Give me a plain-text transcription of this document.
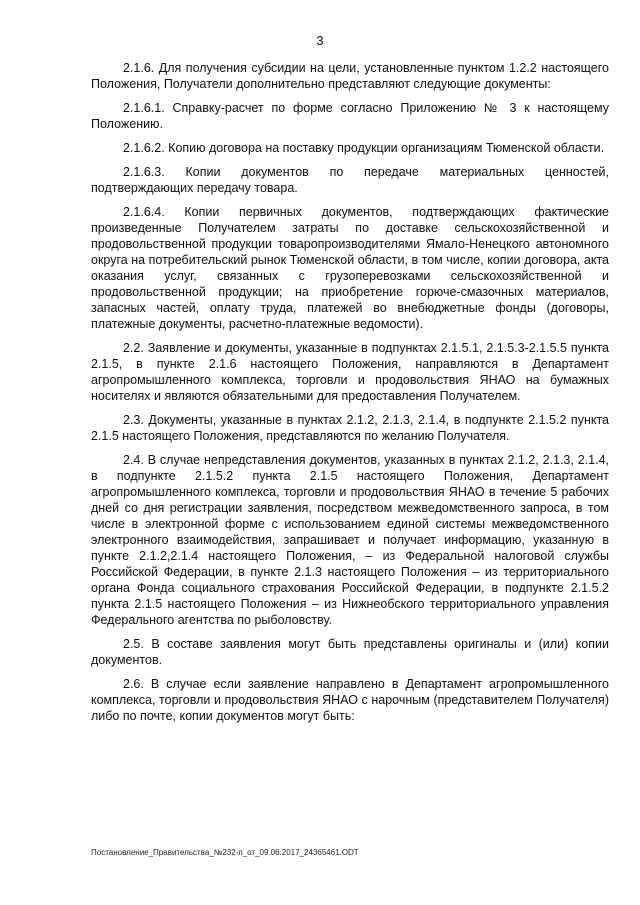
3

2.1.6. Для получения субсидии на цели, установленные пунктом 1.2.2 настоящего Положения, Получатели дополнительно представляют следующие документы:

2.1.6.1. Справку-расчет по форме согласно Приложению № 3 к настоящему Положению.

2.1.6.2. Копию договора на поставку продукции организациям Тюменской области.

2.1.6.3. Копии документов по передаче материальных ценностей, подтверждающих передачу товара.

2.1.6.4. Копии первичных документов, подтверждающих фактические произведенные Получателем затраты по доставке сельскохозяйственной и продовольственной продукции товаропроизводителями Ямало-Ненецкого автономного округа на потребительский рынок Тюменской области, в том числе, копии договора, акта оказания услуг, связанных с грузоперевозками сельскохозяйственной и продовольственной продукции; на приобретение горюче-смазочных материалов, запасных частей, оплату труда, платежей во внебюджетные фонды (договоры, платежные документы, расчетно-платежные ведомости).

2.2. Заявление и документы, указанные в подпунктах 2.1.5.1, 2.1.5.3-2.1.5.5 пункта 2.1.5, в пункте 2.1.6 настоящего Положения, направляются в Департамент агропромышленного комплекса, торговли и продовольствия ЯНАО на бумажных носителях и являются обязательными для предоставления Получателем.

2.3. Документы, указанные в пунктах 2.1.2, 2.1.3, 2.1.4, в подпункте 2.1.5.2 пункта 2.1.5 настоящего Положения, представляются по желанию Получателя.

2.4. В случае непредставления документов, указанных в пунктах 2.1.2, 2.1.3, 2.1.4, в подпункте 2.1.5.2 пункта 2.1.5 настоящего Положения, Департамент агропромышленного комплекса, торговли и продовольствия ЯНАО в течение 5 рабочих дней со дня регистрации заявления, посредством межведомственного запроса, в том числе в электронной форме с использованием единой системы межведомственного электронного взаимодействия, запрашивает и получает информацию, указанную в пункте 2.1.2,2.1.4 настоящего Положения, – из Федеральной налоговой службы Российской Федерации, в пункте 2.1.3 настоящего Положения – из территориального органа Фонда социального страхования Российской Федерации, в подпункте 2.1.5.2 пункта 2.1.5 настоящего Положения – из Нижнеобского территориального управления Федерального агентства по рыболовству.

2.5. В составе заявления могут быть представлены оригиналы и (или) копии документов.

2.6. В случае если заявление направлено в Департамент агропромышленного комплекса, торговли и продовольствия ЯНАО с нарочным (представителем Получателя) либо по почте, копии документов могут быть:

Постановление_Правительства_№232-п_от_09.06.2017_24365461.ODT
